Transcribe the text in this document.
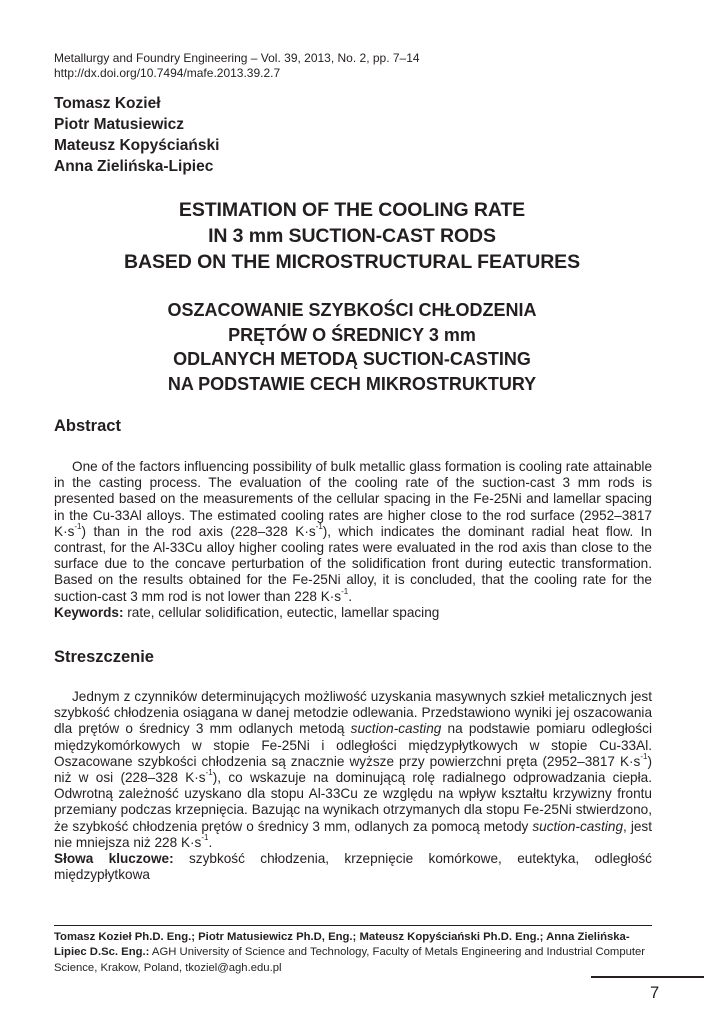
Metallurgy and Foundry Engineering – Vol. 39, 2013, No. 2, pp. 7–14
http://dx.doi.org/10.7494/mafe.2013.39.2.7
Tomasz Kozieł
Piotr Matusiewicz
Mateusz Kopyściański
Anna Zielińska-Lipiec
ESTIMATION OF THE COOLING RATE
IN 3 mm SUCTION-CAST RODS
BASED ON THE MICROSTRUCTURAL FEATURES
OSZACOWANIE SZYBKOŚCI CHŁODZENIA
PRĘTÓW O ŚREDNICY 3 mm
ODLANYCH METODĄ SUCTION-CASTING
NA PODSTAWIE CECH MIKROSTRUKTURY
Abstract

One of the factors influencing possibility of bulk metallic glass formation is cooling rate attainable in the casting process. The evaluation of the cooling rate of the suction-cast 3 mm rods is presented based on the measurements of the cellular spacing in the Fe-25Ni and lamellar spacing in the Cu-33Al alloys. The estimated cooling rates are higher close to the rod surface (2952–3817 $K\cdot s^{-1}$) than in the rod axis (228–328 $K\cdot s^{-1}$), which indicates the dominant radial heat flow. In contrast, for the Al-33Cu alloy higher cooling rates were evaluated in the rod axis than close to the surface due to the concave perturbation of the solidification front during eutectic transformation. Based on the results obtained for the Fe-25Ni alloy, it is concluded, that the cooling rate for the suction-cast 3 mm rod is not lower than 228 $K\cdot s^{-1}$.

Keywords: rate, cellular solidification, eutectic, lamellar spacing

Streszczenie

Jednym z czynników determinujących możliwość uzyskania masywnych szkieł metalicznych jest szybkość chłodzenia osiągana w danej metodzie odlewania. Przedstawiono wyniki jej oszacowania dla prętów o średnicy 3 mm odlanych metodą suction-casting na podstawie pomiaru odległości międzykomórkowych w stopie Fe-25Ni i odległości międzypłytkowych w stopie Cu-33Al. Oszacowane szybkości chłodzenia są znacznie wyższe przy powierzchni pręta (2952–3817 $K\cdot s^{-1}$) niż w osi (228–328 $K\cdot s^{-1}$), co wskazuje na dominującą rolę radialnego odprowadzania ciepła. Odwrotną zależność uzyskano dla stopu Al-33Cu ze względu na wpływ kształtu krzywizny frontu przemiany podczas krzepnięcia. Bazując na wynikach otrzymanych dla stopu Fe-25Ni stwierdzono, że szybkość chłodzenia prętów o średnicy 3 mm, odlanych za pomocą metody suction-casting, jest nie mniejsza niż 228 $K\cdot s^{-1}$.

Słowa kluczowe: szybkość chłodzenia, krzepnięcie komórkowe, eutektyka, odległość międzypłytkowa

Tomasz Kozieł Ph.D. Eng.; Piotr Matusiewicz Ph.D, Eng.; Mateusz Kopyściański Ph.D. Eng.; Anna Zielińska-Lipiec D.Sc. Eng.: AGH University of Science and Technology, Faculty of Metals Engineering and Industrial Computer Science, Krakow, Poland, tkoziel@agh.edu.pl
7
